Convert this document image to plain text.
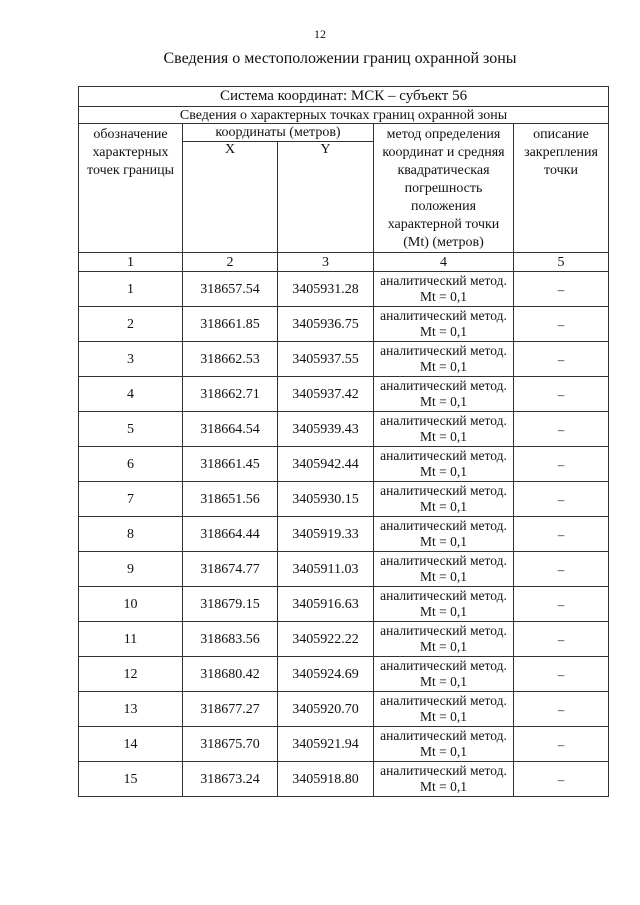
12
Сведения о местоположении границ охранной зоны
Система координат: МСК – субъект 56				
Сведения о характерных точках границ охранной зоны				
обозначение характерных точек границы	координаты (метров)		метод определения координат и средняя квадратическая погрешность положения характерной точки (Mt) (метров)	описание закрепления точки
	X	Y		
1	2	3	4	5
1	318657.54	3405931.28	аналитический метод. Mt = 0,1	–
2	318661.85	3405936.75	аналитический метод. Mt = 0,1	–
3	318662.53	3405937.55	аналитический метод. Mt = 0,1	–
4	318662.71	3405937.42	аналитический метод. Mt = 0,1	–
5	318664.54	3405939.43	аналитический метод. Mt = 0,1	–
6	318661.45	3405942.44	аналитический метод. Mt = 0,1	–
7	318651.56	3405930.15	аналитический метод. Mt = 0,1	–
8	318664.44	3405919.33	аналитический метод. Mt = 0,1	–
9	318674.77	3405911.03	аналитический метод. Mt = 0,1	–
10	318679.15	3405916.63	аналитический метод. Mt = 0,1	–
11	318683.56	3405922.22	аналитический метод. Mt = 0,1	–
12	318680.42	3405924.69	аналитический метод. Mt = 0,1	–
13	318677.27	3405920.70	аналитический метод. Mt = 0,1	–
14	318675.70	3405921.94	аналитический метод. Mt = 0,1	–
15	318673.24	3405918.80	аналитический метод. Mt = 0,1	–
